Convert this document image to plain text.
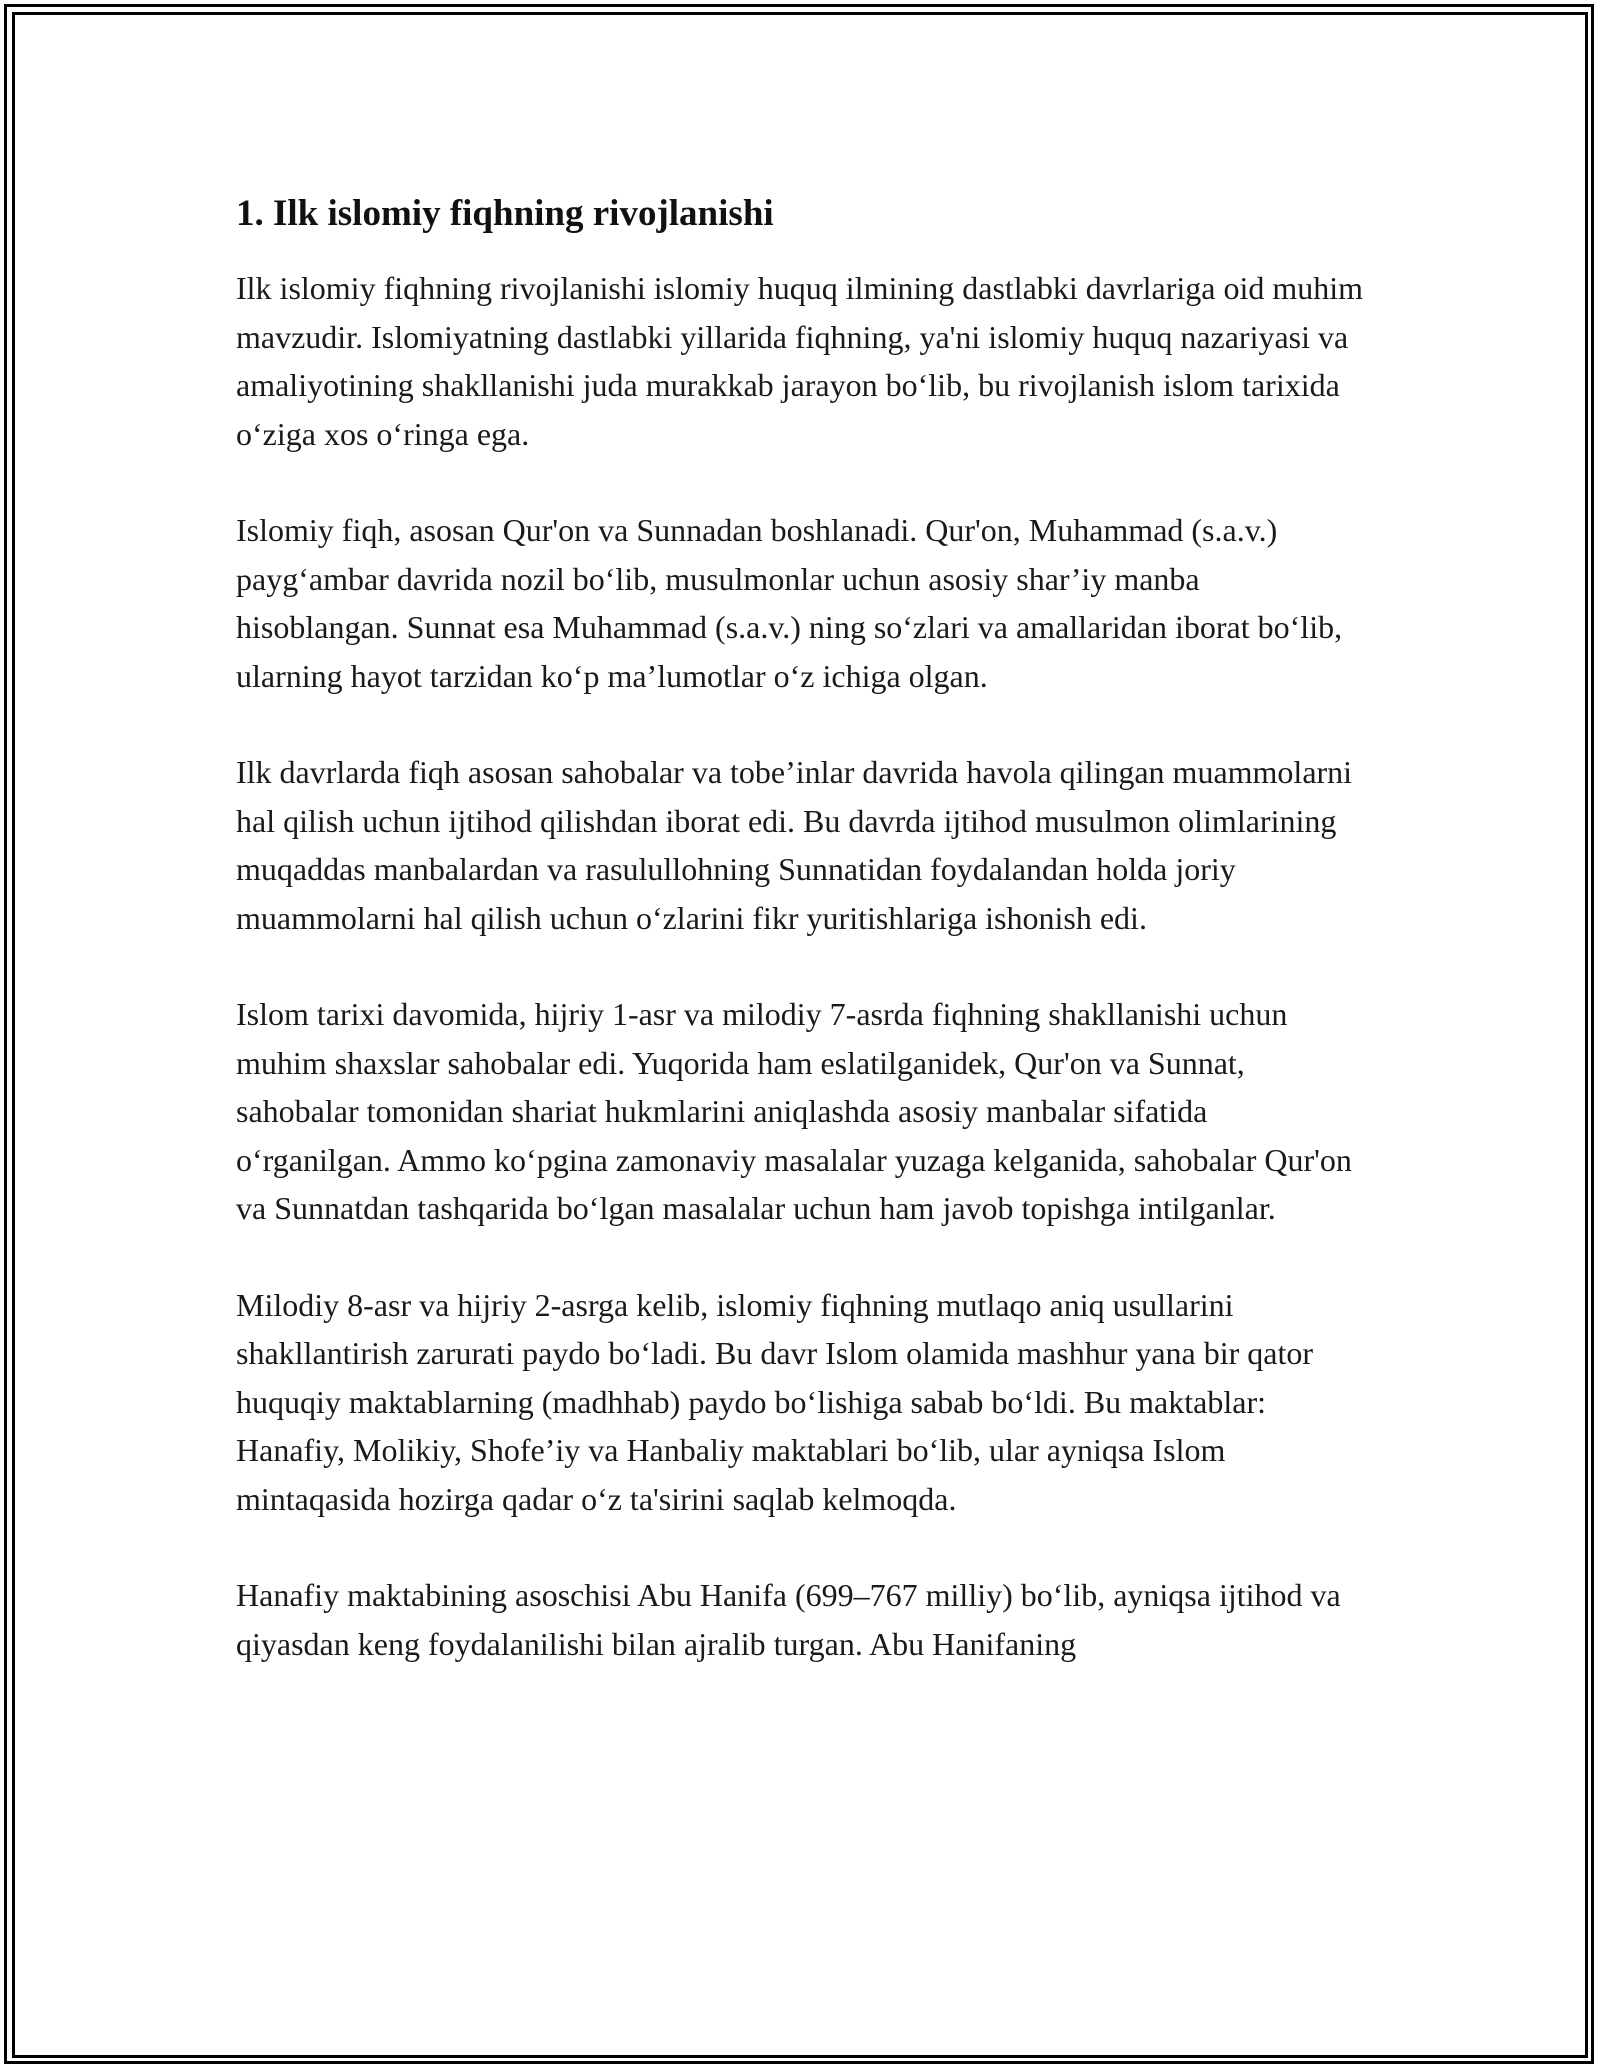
1. Ilk islomiy fiqhning rivojlanishi

Ilk islomiy fiqhning rivojlanishi islomiy huquq ilmining dastlabki davrlariga oid muhim mavzudir. Islomiyatning dastlabki yillarida fiqhning, ya'ni islomiy huquq nazariyasi va amaliyotining shakllanishi juda murakkab jarayon bo‘lib, bu rivojlanish islom tarixida o‘ziga xos o‘ringa ega.

Islomiy fiqh, asosan Qur'on va Sunnadan boshlanadi. Qur'on, Muhammad (s.a.v.) payg‘ambar davrida nozil bo‘lib, musulmonlar uchun asosiy shar’iy manba hisoblangan. Sunnat esa Muhammad (s.a.v.) ning so‘zlari va amallaridan iborat bo‘lib, ularning hayot tarzidan ko‘p ma’lumotlar o‘z ichiga olgan.

Ilk davrlarda fiqh asosan sahobalar va tobe’inlar davrida havola qilingan muammolarni hal qilish uchun ijtihod qilishdan iborat edi. Bu davrda ijtihod musulmon olimlarining muqaddas manbalardan va rasulullohning Sunnatidan foydalandan holda joriy muammolarni hal qilish uchun o‘zlarini fikr yuritishlariga ishonish edi.

Islom tarixi davomida, hijriy 1-asr va milodiy 7-asrda fiqhning shakllanishi uchun muhim shaxslar sahobalar edi. Yuqorida ham eslatilganidek, Qur'on va Sunnat, sahobalar tomonidan shariat hukmlarini aniqlashda asosiy manbalar sifatida o‘rganilgan. Ammo ko‘pgina zamonaviy masalalar yuzaga kelganida, sahobalar Qur'on va Sunnatdan tashqarida bo‘lgan masalalar uchun ham javob topishga intilganlar.

Milodiy 8-asr va hijriy 2-asrga kelib, islomiy fiqhning mutlaqo aniq usullarini shakllantirish zarurati paydo bo‘ladi. Bu davr Islom olamida mashhur yana bir qator huquqiy maktablarning (madhhab) paydo bo‘lishiga sabab bo‘ldi. Bu maktablar: Hanafiy, Molikiy, Shofe’iy va Hanbaliy maktablari bo‘lib, ular ayniqsa Islom mintaqasida hozirga qadar o‘z ta'sirini saqlab kelmoqda.

Hanafiy maktabining asoschisi Abu Hanifa (699–767 milliy) bo‘lib, ayniqsa ijtihod va qiyasdan keng foydalanilishi bilan ajralib turgan. Abu Hanifaning
